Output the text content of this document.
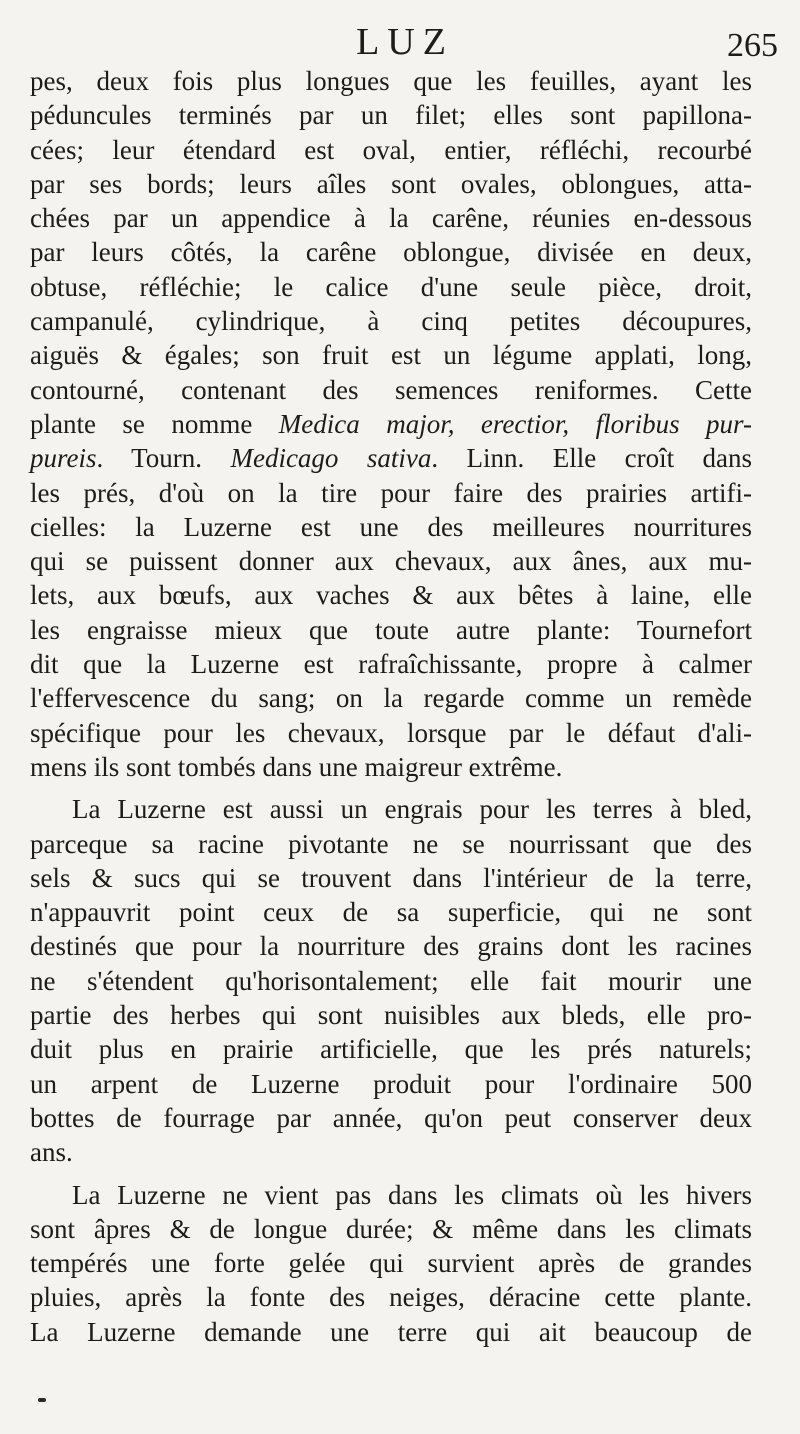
LUZ	265

pes, deux fois plus longues que les feuilles, ayant les
péduncules terminés par un filet; elles sont papillona-
cées; leur étendard est oval, entier, réfléchi, recourbé
par ses bords; leurs aîles sont ovales, oblongues, atta-
chées par un appendice à la carêne, réunies en-dessous
par leurs côtés, la carêne oblongue, divisée en deux,
obtuse, réfléchie; le calice d'une seule pièce, droit,
campanulé, cylindrique, à cinq petites découpures,
aiguës & égales; son fruit est un légume applati, long,
contourné, contenant des semences reniformes. Cette
plante se nomme Medica major, erectior, floribus pur-
pureis. Tourn. Medicago sativa. Linn. Elle croît dans
les prés, d'où on la tire pour faire des prairies artifi-
cielles: la Luzerne est une des meilleures nourritures
qui se puissent donner aux chevaux, aux ânes, aux mu-
lets, aux bœufs, aux vaches & aux bêtes à laine, elle
les engraisse mieux que toute autre plante: Tournefort
dit que la Luzerne est rafraîchissante, propre à calmer
l'effervescence du sang; on la regarde comme un remède
spécifique pour les chevaux, lorsque par le défaut d'ali-
mens ils sont tombés dans une maigreur extrême.

La Luzerne est aussi un engrais pour les terres à bled,
parceque sa racine pivotante ne se nourrissant que des
sels & sucs qui se trouvent dans l'intérieur de la terre,
n'appauvrit point ceux de sa superficie, qui ne sont
destinés que pour la nourriture des grains dont les racines
ne s'étendent qu'horisontalement; elle fait mourir une
partie des herbes qui sont nuisibles aux bleds, elle pro-
duit plus en prairie artificielle, que les prés naturels;
un arpent de Luzerne produit pour l'ordinaire 500
bottes de fourrage par année, qu'on peut conserver deux
ans.

La Luzerne ne vient pas dans les climats où les hivers
sont âpres & de longue durée; & même dans les climats
tempérés une forte gelée qui survient après de grandes
pluies, après la fonte des neiges, déracine cette plante.
La Luzerne demande une terre qui ait beaucoup de
